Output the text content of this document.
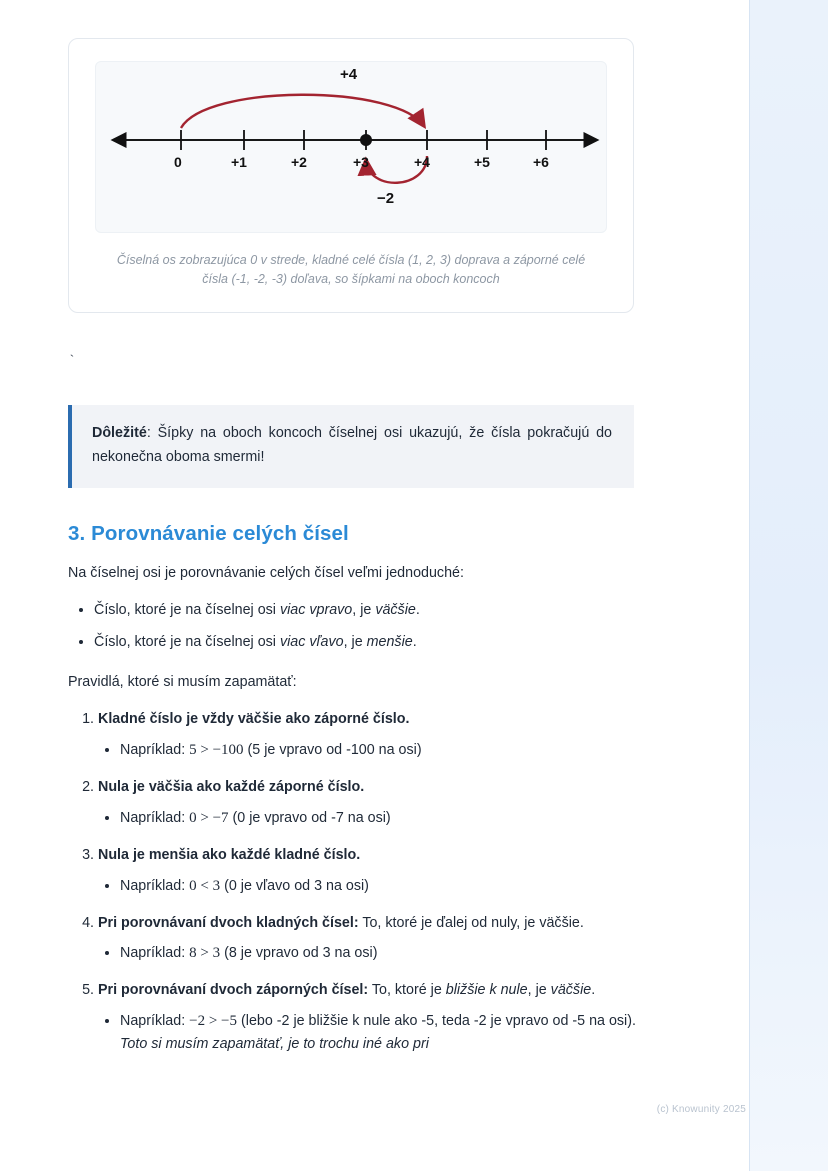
(c) Knowunity 2025
+4
−2
0	+1	+2	+3	+4	+5	+6
Číselná os zobrazujúca 0 v strede, kladné celé čísla (1, 2, 3) doprava a záporné celé čísla (-1, -2, -3) doľava, so šípkami na oboch koncoch
`
Dôležité: Šípky na oboch koncoch číselnej osi ukazujú, že čísla pokračujú do nekonečna oboma smermi!
3. Porovnávanie celých čísel

Na číselnej osi je porovnávanie celých čísel veľmi jednoduché:

• Číslo, ktoré je na číselnej osi viac vpravo, je väčšie.
• Číslo, ktoré je na číselnej osi viac vľavo, je menšie.

Pravidlá, ktoré si musím zapamätať:

1. Kladné číslo je vždy väčšie ako záporné číslo.
• Napríklad: 5 > −100 (5 je vpravo od -100 na osi)
2. Nula je väčšia ako každé záporné číslo.
• Napríklad: 0 > −7 (0 je vpravo od -7 na osi)
3. Nula je menšia ako každé kladné číslo.
• Napríklad: 0 < 3 (0 je vľavo od 3 na osi)
4. Pri porovnávaní dvoch kladných čísel: To, ktoré je ďalej od nuly, je väčšie.
• Napríklad: 8 > 3 (8 je vpravo od 3 na osi)
5. Pri porovnávaní dvoch záporných čísel: To, ktoré je bližšie k nule, je väčšie.
• Napríklad: −2 > −5 (lebo -2 je bližšie k nule ako -5, teda -2 je vpravo od -5 na osi). Toto si musím zapamätať, je to trochu iné ako pri
